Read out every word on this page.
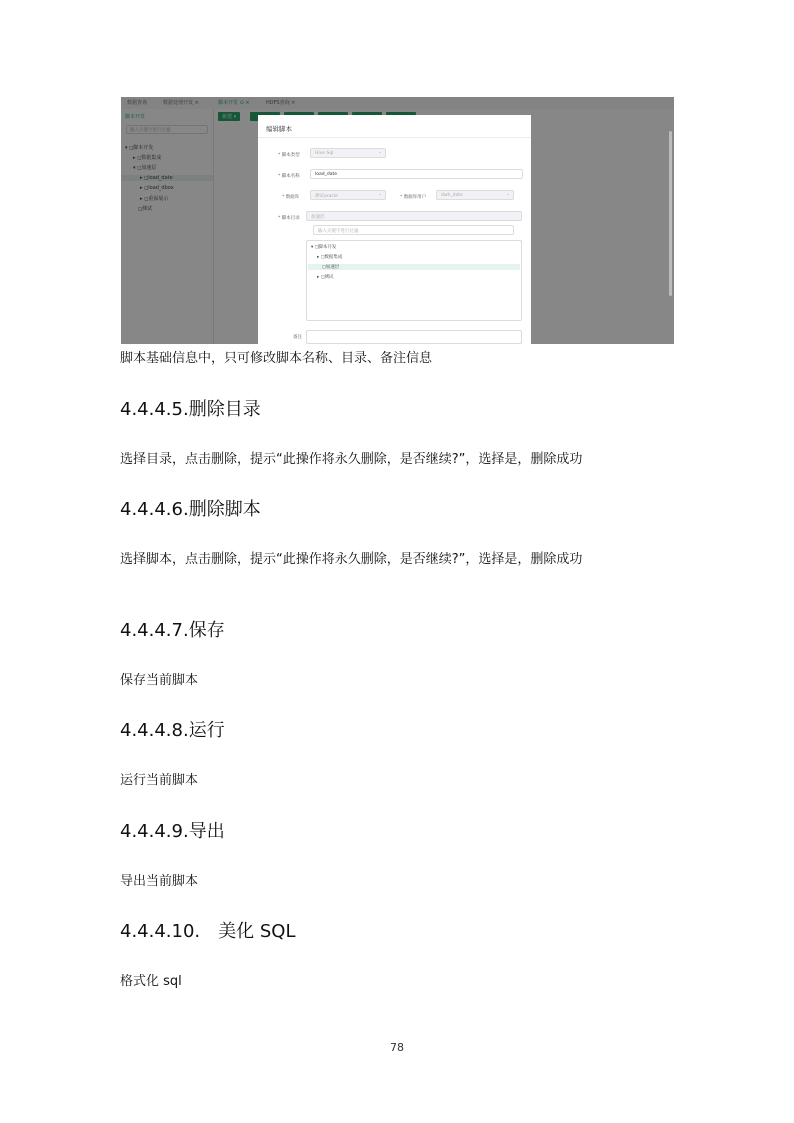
数据查询	数据处理开发 ×	脚本开发 ⊙ ×	HDFS查询 ×
脚本开发
输入关键字进行过滤
▾ ◻脚本开发
▸ ◻数据集成
▾ ◻加速层
▸ ◻load_date
▸ ◻load_dbox
▸ ◻重保展示
◻测试
新建 ▾
编辑脚本
* 脚本类型	Hive Sql	⌄
* 脚本名称	load_date
* 数据库	测试oracle	⌄
* 数据库用户	dwh_date	⌄
* 脚本目录	加速层
输入关键字进行过滤
▾ ◻脚本开发
▸ ◻数据集成
◻加速层
▸ ◻测试
备注
脚本基础信息中，只可修改脚本名称、目录、备注信息
4.4.4.5.删除目录
选择目录，点击删除，提示“此操作将永久删除，是否继续?”，选择是，删除成功
4.4.4.6.删除脚本
选择脚本，点击删除，提示“此操作将永久删除，是否继续?”，选择是，删除成功
4.4.4.7.保存
保存当前脚本
4.4.4.8.运行
运行当前脚本
4.4.4.9.导出
导出当前脚本
4.4.4.10.　美化 SQL
格式化 sql
78
